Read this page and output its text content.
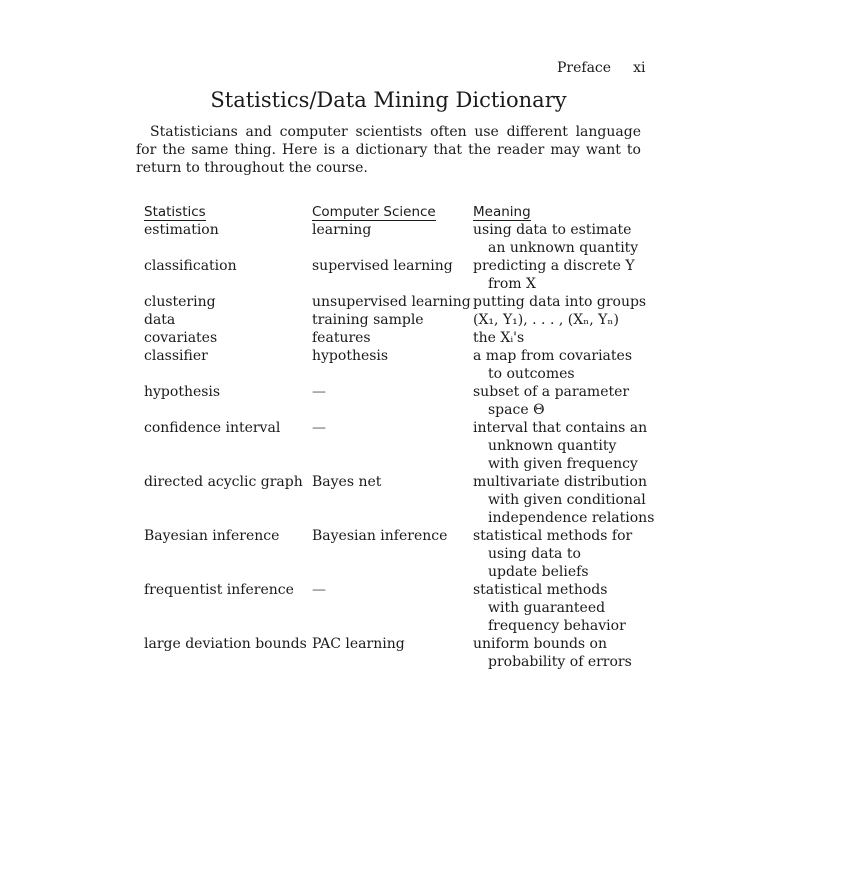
Preface xi
Statistics/Data Mining Dictionary

Statisticians and computer scientists often use different language for the same thing. Here is a dictionary that the reader may want to return to throughout the course.

Statistics	Computer Science	Meaning
estimation	learning	using data to estimate
an unknown quantity

classification	supervised learning	predicting a discrete Y
from X

clustering	unsupervised learning	putting data into groups

data	training sample	(X₁, Y₁), . . . , (Xₙ, Yₙ)

covariates	features	the Xᵢ's

classifier	hypothesis	a map from covariates
to outcomes

hypothesis	—	subset of a parameter
space Θ

confidence interval	—	interval that contains an
unknown quantity
with given frequency

directed acyclic graph	Bayes net	multivariate distribution
with given conditional
independence relations

Bayesian inference	Bayesian inference	statistical methods for
using data to
update beliefs

frequentist inference	—	statistical methods
with guaranteed
frequency behavior

large deviation bounds	PAC learning	uniform bounds on
probability of errors
